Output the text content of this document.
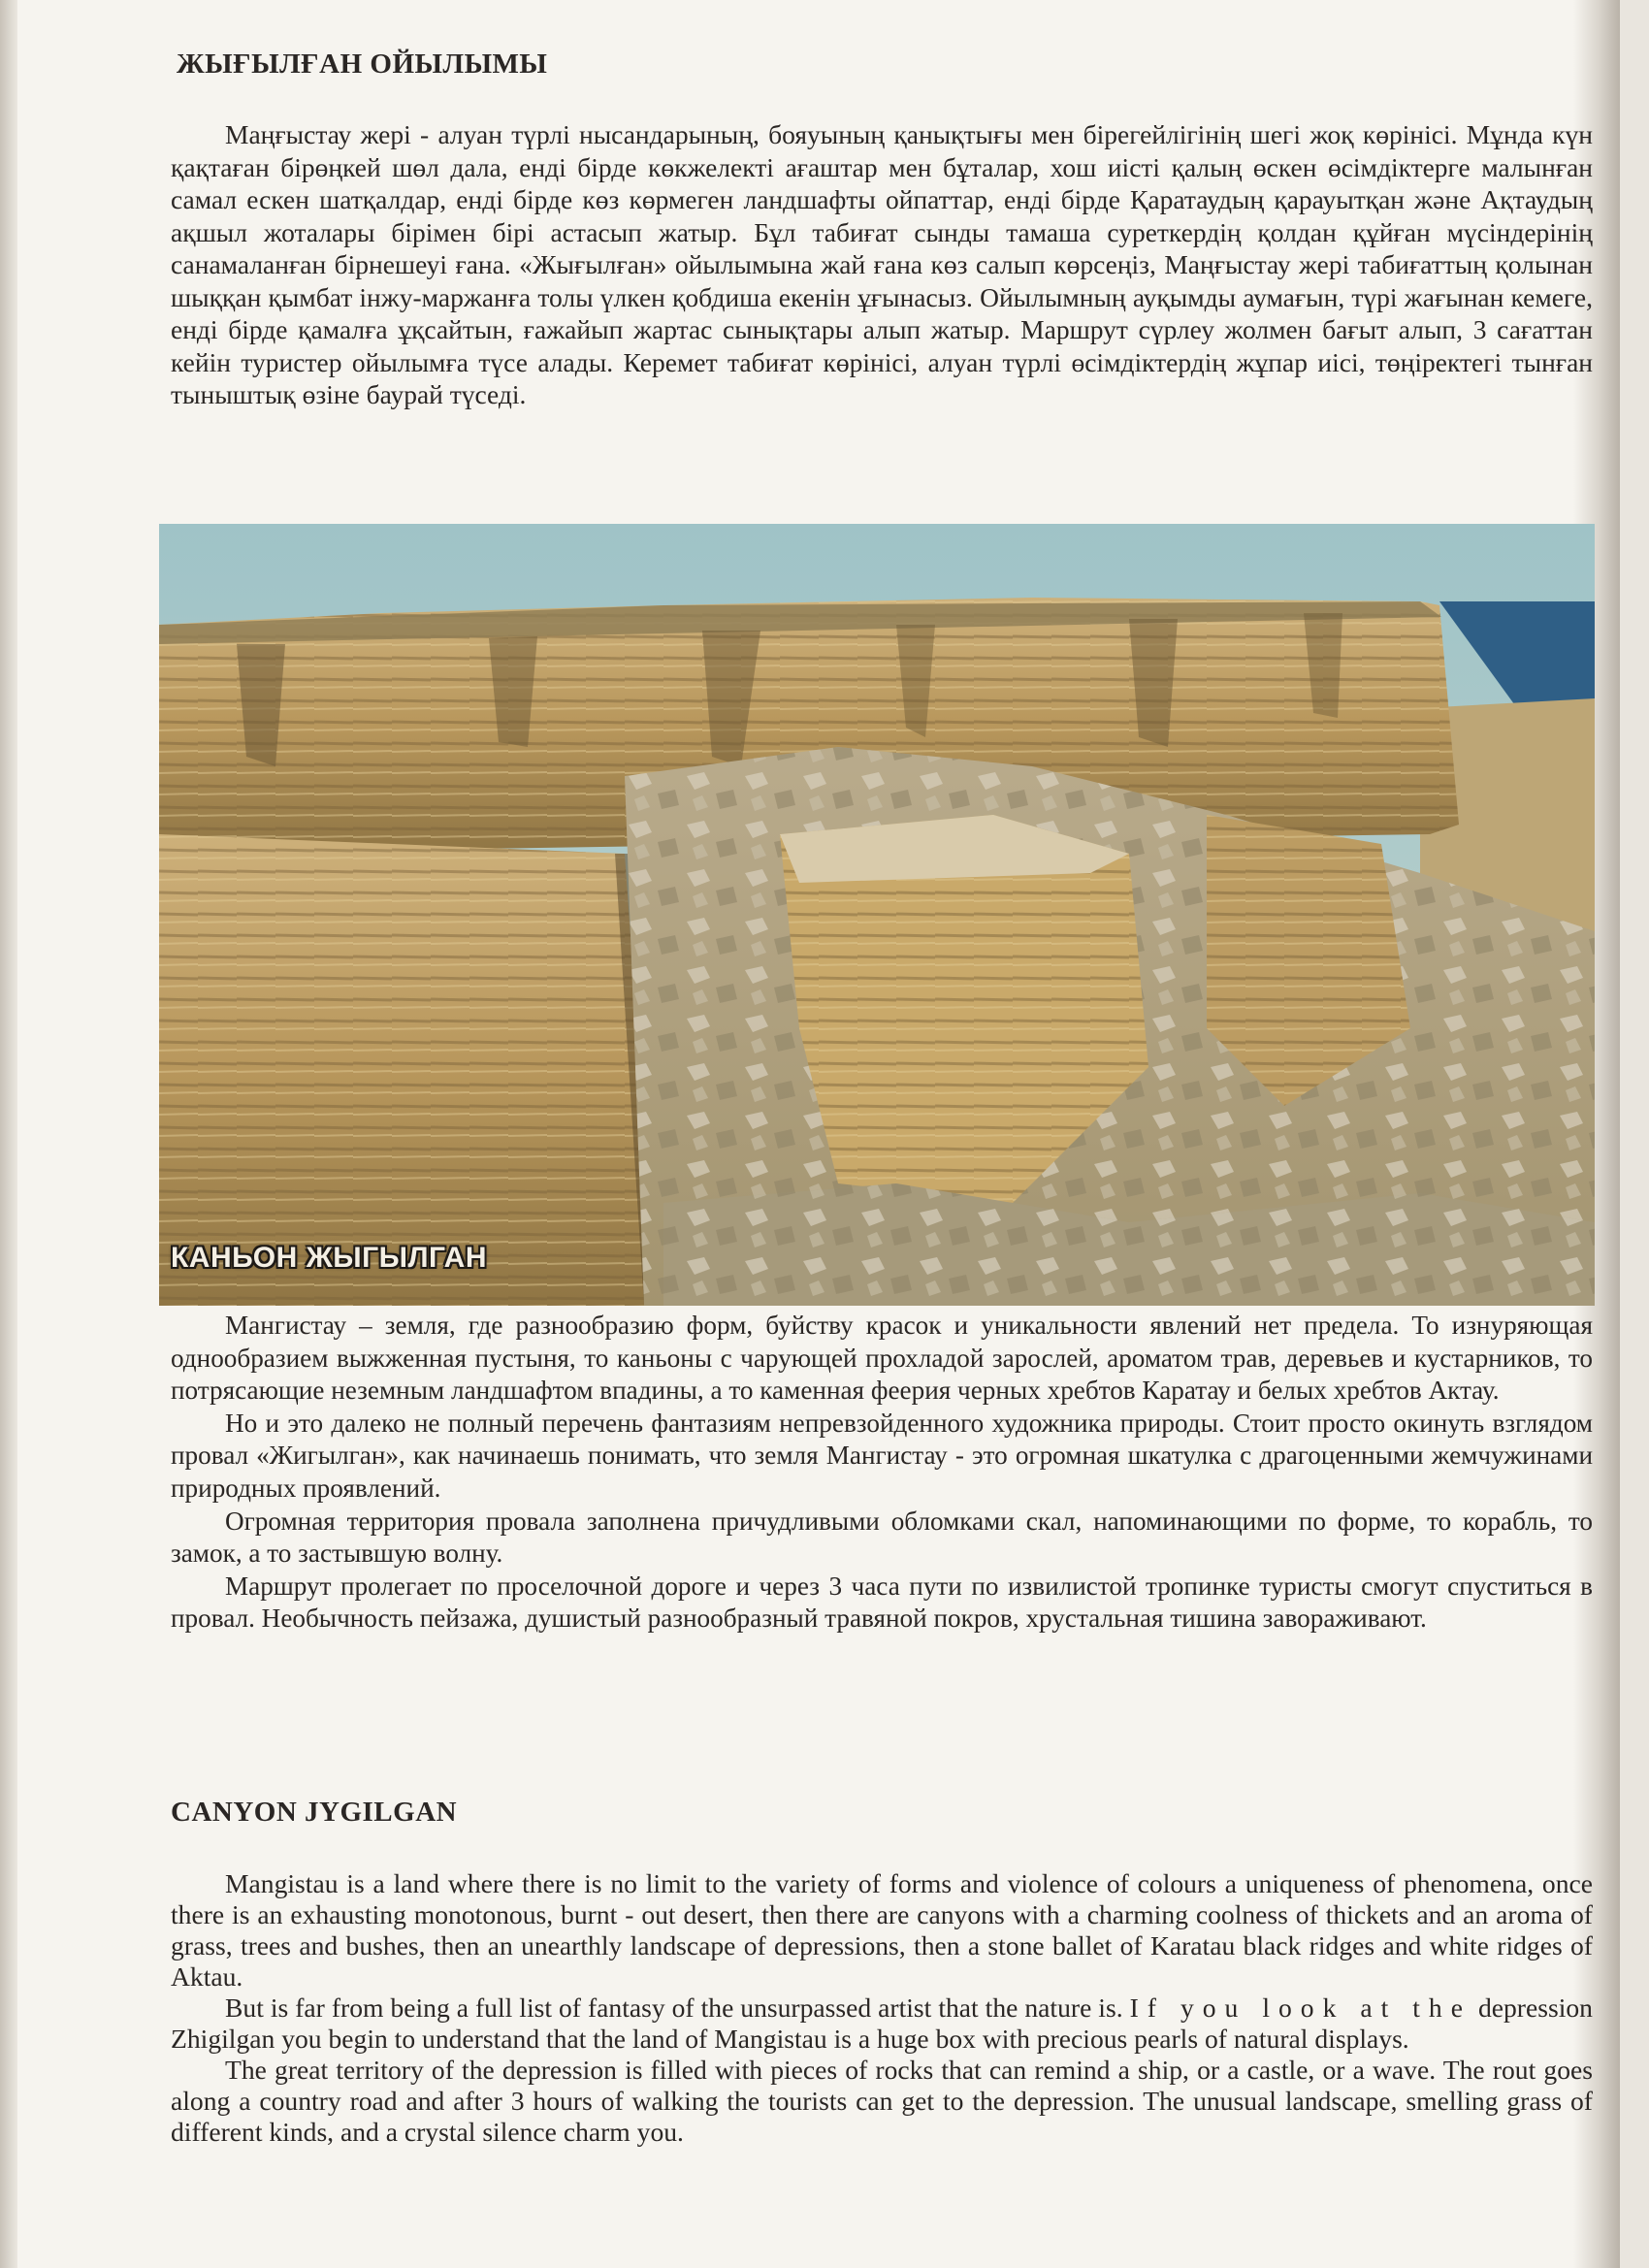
ЖЫҒЫЛҒАН ОЙЫЛЫМЫ

Маңғыстау жері - алуан түрлі нысандарының, бояуының қанықтығы мен бірегейлігінің шегі жоқ көрінісі. Мұнда күн қақтаған бірөңкей шөл дала, енді бірде көкжелекті ағаштар мен бұталар, хош иісті қалың өскен өсімдіктерге малынған самал ескен шатқалдар, енді бірде көз көрмеген ландшафты ойпаттар, енді бірде Қаратаудың қарауытқан және Ақтаудың ақшыл жоталары бірімен бірі астасып жатыр. Бұл табиғат сынды тамаша суреткердің қолдан құйған мүсіндерінің санамаланған бірнешеуі ғана. «Жығылған» ойылымына жай ғана көз салып көрсеңіз, Маңғыстау жері табиғаттың қолынан шыққан қымбат інжу-маржанға толы үлкен қобдиша екенін ұғынасыз. Ойылымның ауқымды аумағын, түрі жағынан кемеге, енді бірде қамалға ұқсайтын, ғажайып жартас сынықтары алып жатыр. Маршрут сүрлеу жолмен бағыт алып, 3 сағаттан кейін туристер ойылымға түсе алады. Керемет табиғат көрінісі, алуан түрлі өсімдіктердің жұпар иісі, төңіректегі тынған тыныштық өзіне баурай түседі.

КАНЬОН ЖЫГЫЛГАН

Мангистау – земля, где разнообразию форм, буйству красок и уникальности явлений нет предела. То изнуряющая однообразием выжженная пустыня, то каньоны с чарующей прохладой зарослей, ароматом трав, деревьев и кустарников, то потрясающие неземным ландшафтом впадины, а то каменная феерия черных хребтов Каратау и белых хребтов Актау.

Но и это далеко не полный перечень фантазиям непревзойденного художника природы. Стоит просто окинуть взглядом провал «Жигылган», как начинаешь понимать, что земля Мангистау - это огромная шкатулка с драгоценными жемчужинами природных проявлений.

Огромная территория провала заполнена причудливыми обломками скал, напоминающими по форме, то корабль, то замок, а то застывшую волну.

Маршрут пролегает по проселочной дороге и через 3 часа пути по извилистой тропинке туристы смогут спуститься в провал. Необычность пейзажа, душистый разнообразный травяной покров, хрустальная тишина завораживают.

CANYON JYGILGAN

Mangistau is a land where there is no limit to the variety of forms and violence of colours a uniqueness of phenomena, once there is an exhausting monotonous, burnt - out desert, then there are canyons with a charming coolness of thickets and an aroma of grass, trees and bushes, then an unearthly landscape of depressions, then a stone ballet of Karatau black ridges and white ridges of Aktau.

But is far from being a full list of fantasy of the unsurpassed artist that the nature is. If you look at the depression Zhigilgan you begin to understand that the land of Mangistau is a huge box with precious pearls of natural displays.

The great territory of the depression is filled with pieces of rocks that can remind a ship, or a castle, or a wave. The rout goes along a country road and after 3 hours of walking the tourists can get to the depression. The unusual landscape, smelling grass of different kinds, and a crystal silence charm you.
